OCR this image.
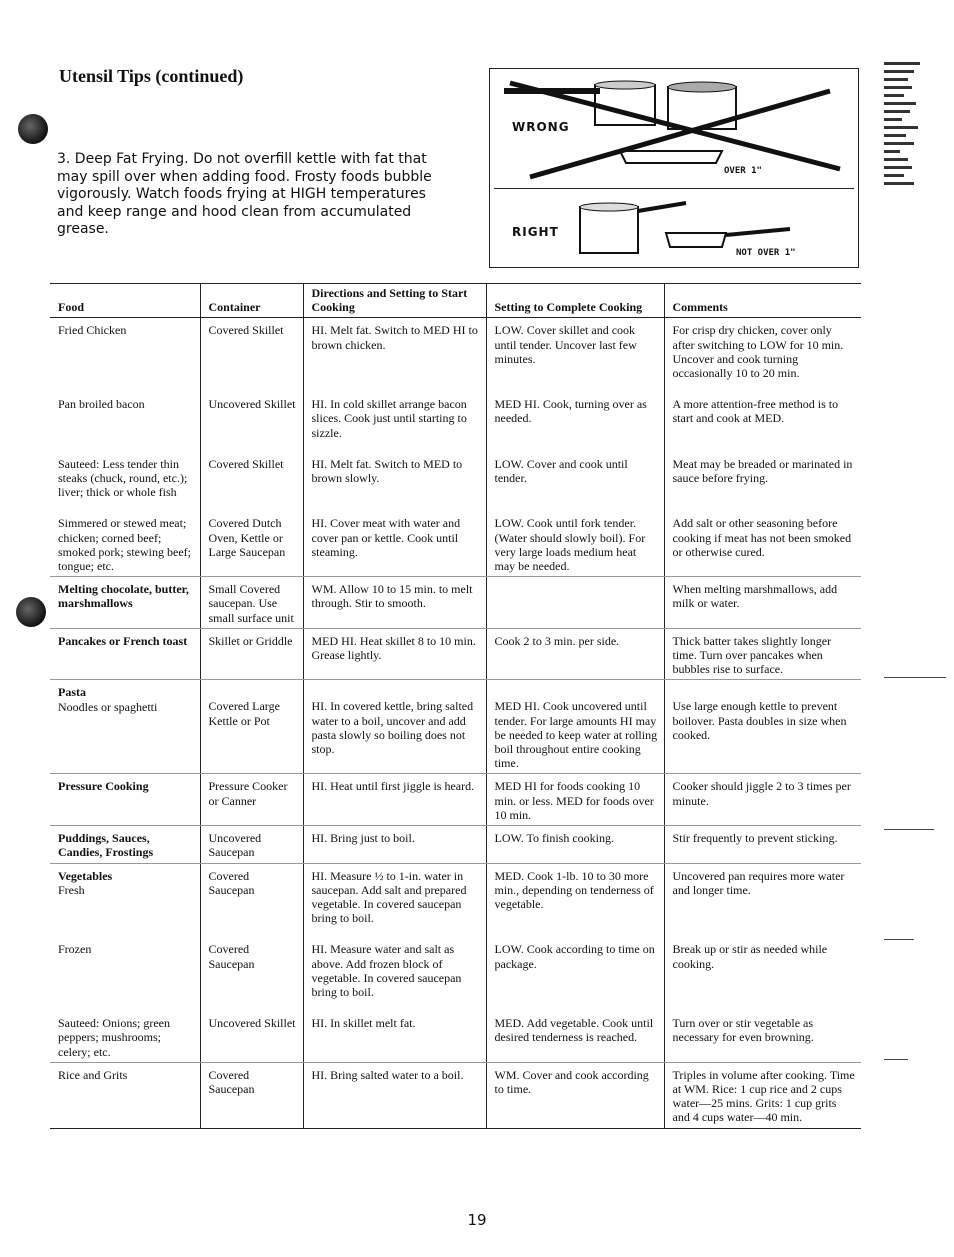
Utensil Tips (continued)
3. Deep Fat Frying. Do not overfill kettle with fat that may spill over when adding food. Frosty foods bubble vigorously. Watch foods frying at HIGH temperatures and keep range and hood clean from accumulated grease.
WRONG
OVER 1"
RIGHT
NOT OVER 1"
Food	Container	Directions and Setting to Start Cooking	Setting to Complete Cooking	Comments
Fried Chicken	Covered Skillet	HI. Melt fat. Switch to MED HI to brown chicken.	LOW. Cover skillet and cook until tender. Uncover last few minutes.	For crisp dry chicken, cover only after switching to LOW for 10 min. Uncover and cook turning occasionally 10 to 20 min.
Pan broiled bacon	Uncovered Skillet	HI. In cold skillet arrange bacon slices. Cook just until starting to sizzle.	MED HI. Cook, turning over as needed.	A more attention-free method is to start and cook at MED.
Sauteed: Less tender thin steaks (chuck, round, etc.); liver; thick or whole fish	Covered Skillet	HI. Melt fat. Switch to MED to brown slowly.	LOW. Cover and cook until tender.	Meat may be breaded or marinated in sauce before frying.
Simmered or stewed meat; chicken; corned beef; smoked pork; stewing beef; tongue; etc.	Covered Dutch Oven, Kettle or Large Saucepan	HI. Cover meat with water and cover pan or kettle. Cook until steaming.	LOW. Cook until fork tender. (Water should slowly boil). For very large loads medium heat may be needed.	Add salt or other seasoning before cooking if meat has not been smoked or otherwise cured.
Melting chocolate, butter, marshmallows	Small Covered saucepan. Use small surface unit	WM. Allow 10 to 15 min. to melt through. Stir to smooth.		When melting marshmallows, add milk or water.
Pancakes or French toast	Skillet or Griddle	MED HI. Heat skillet 8 to 10 min. Grease lightly.	Cook 2 to 3 min. per side.	Thick batter takes slightly longer time. Turn over pancakes when bubbles rise to surface.

Pasta
Noodles or spaghetti	Covered Large Kettle or Pot	HI. In covered kettle, bring salted water to a boil, uncover and add pasta slowly so boiling does not stop.	MED HI. Cook uncovered until tender. For large amounts HI may be needed to keep water at rolling boil throughout entire cooking time.	Use large enough kettle to prevent boilover. Pasta doubles in size when cooked.

Pressure Cooking	Pressure Cooker or Canner	HI. Heat until first jiggle is heard.	MED HI for foods cooking 10 min. or less. MED for foods over 10 min.	Cooker should jiggle 2 to 3 times per minute.
Puddings, Sauces, Candies, Frostings	Uncovered Saucepan	HI. Bring just to boil.	LOW. To finish cooking.	Stir frequently to prevent sticking.

Vegetables
Fresh	Covered Saucepan	HI. Measure ½ to 1-in. water in saucepan. Add salt and prepared vegetable. In covered saucepan bring to boil.	MED. Cook 1-lb. 10 to 30 more min., depending on tenderness of vegetable.	Uncovered pan requires more water and longer time.
Frozen	Covered Saucepan	HI. Measure water and salt as above. Add frozen block of vegetable. In covered saucepan bring to boil.	LOW. Cook according to time on package.	Break up or stir as needed while cooking.
Sauteed: Onions; green peppers; mushrooms; celery; etc.	Uncovered Skillet	HI. In skillet melt fat.	MED. Add vegetable. Cook until desired tenderness is reached.	Turn over or stir vegetable as necessary for even browning.
Rice and Grits	Covered Saucepan	HI. Bring salted water to a boil.	WM. Cover and cook according to time.	Triples in volume after cooking. Time at WM. Rice: 1 cup rice and 2 cups water—25 mins. Grits: 1 cup grits and 4 cups water—40 min.
19
